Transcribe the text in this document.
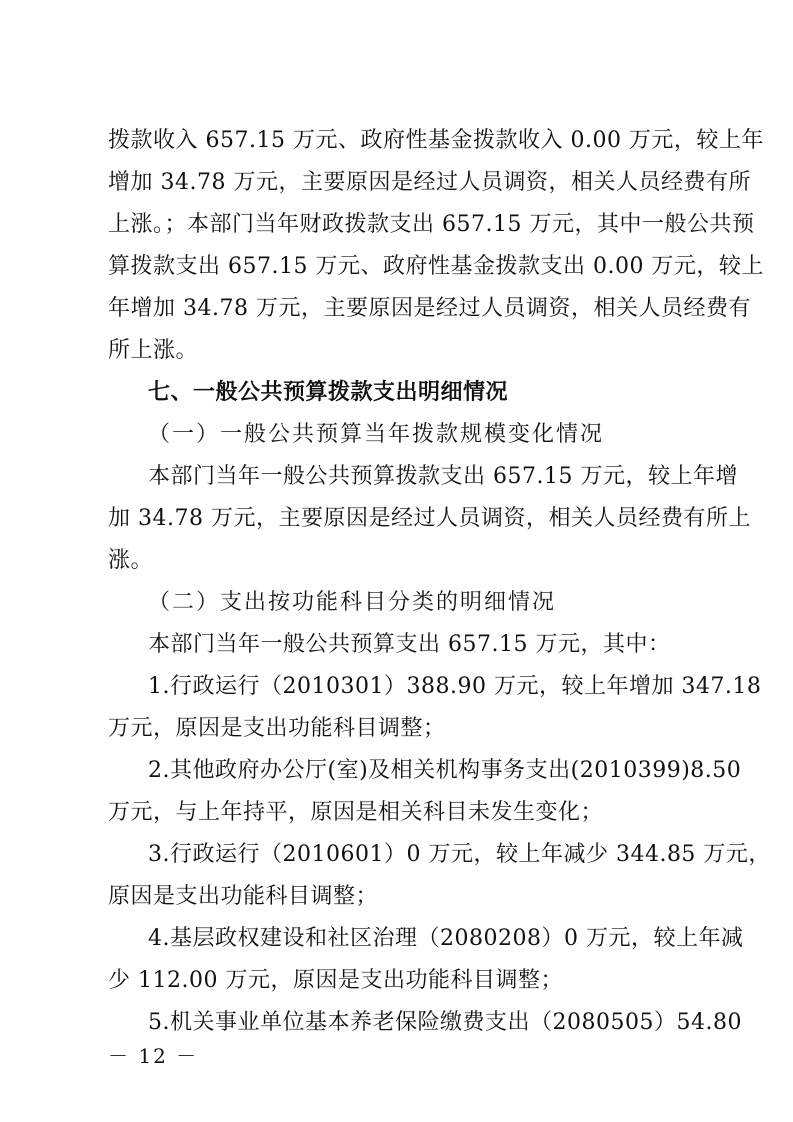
拨款收入 657.15 万元、政府性基金拨款收入 0.00 万元，较上年
增加 34.78 万元，主要原因是经过人员调资，相关人员经费有所
上涨。；本部门当年财政拨款支出 657.15 万元，其中一般公共预
算拨款支出 657.15 万元、政府性基金拨款支出 0.00 万元，较上
年增加 34.78 万元，主要原因是经过人员调资，相关人员经费有
所上涨。
七、一般公共预算拨款支出明细情况
（一）一般公共预算当年拨款规模变化情况
本部门当年一般公共预算拨款支出 657.15 万元，较上年增
加 34.78 万元，主要原因是经过人员调资，相关人员经费有所上
涨。
（二）支出按功能科目分类的明细情况
本部门当年一般公共预算支出 657.15 万元，其中：
1.行政运行（2010301）388.90 万元，较上年增加 347.18
万元，原因是支出功能科目调整；
2.其他政府办公厅(室)及相关机构事务支出(2010399)8.50
万元，与上年持平，原因是相关科目未发生变化；
3.行政运行（2010601）0 万元，较上年减少 344.85 万元，
原因是支出功能科目调整；
4.基层政权建设和社区治理（2080208）0 万元，较上年减
少 112.00 万元，原因是支出功能科目调整；
5.机关事业单位基本养老保险缴费支出（2080505）54.80
－ 12 －
